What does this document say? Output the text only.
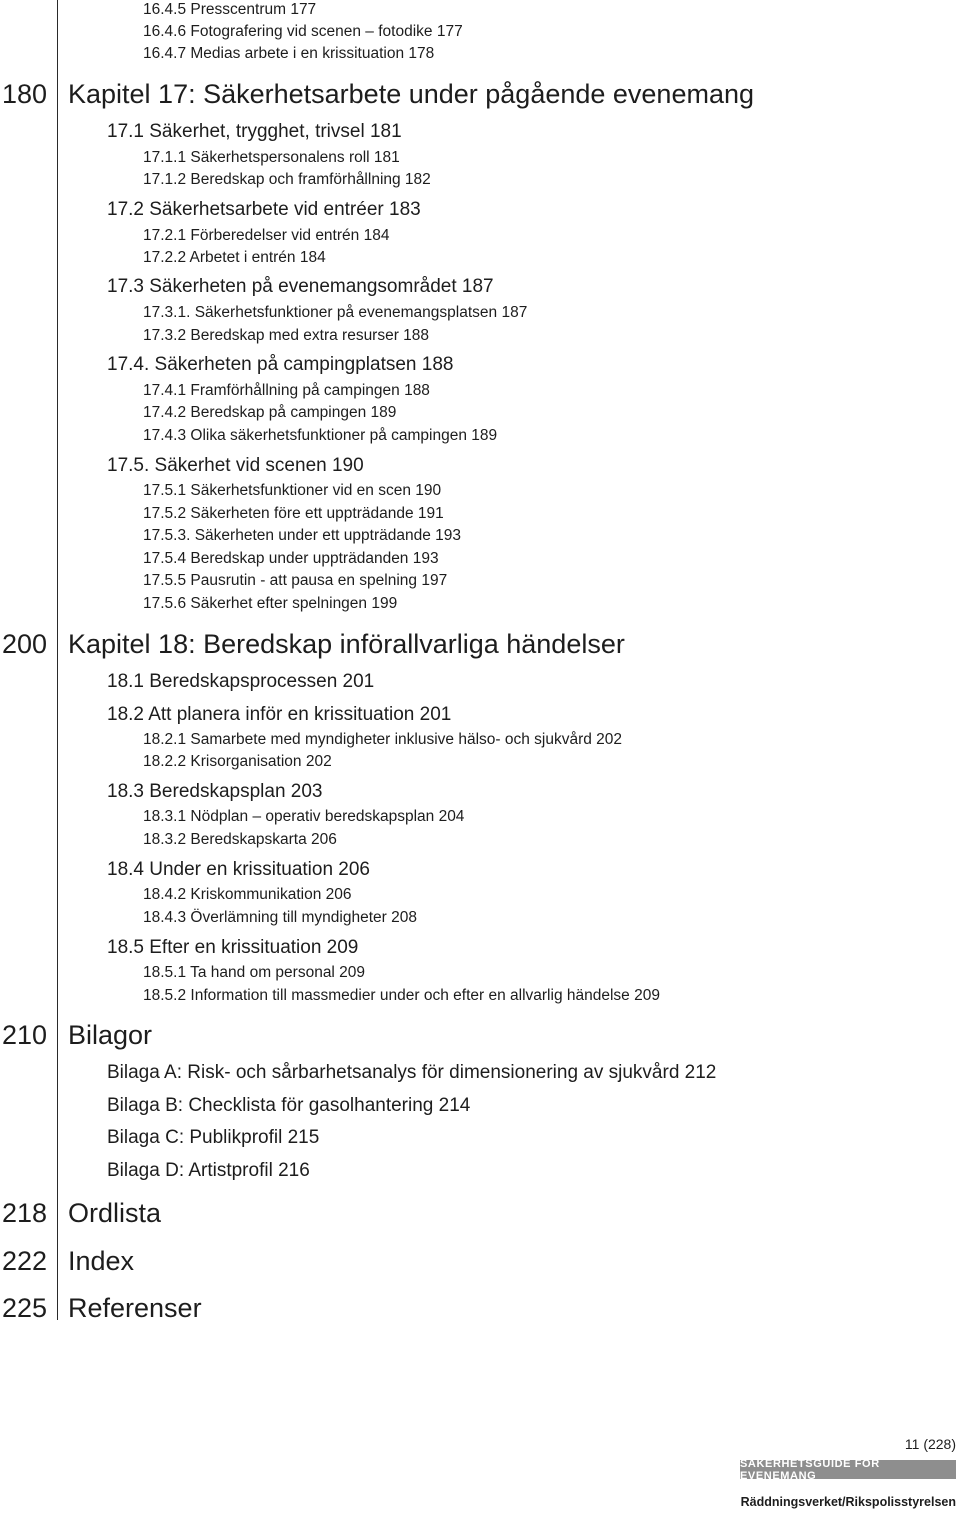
16.4.5 Presscentrum 177
16.4.6 Fotografering vid scenen – fotodike 177
16.4.7 Medias arbete i en krissituation 178
180 Kapitel 17: Säkerhetsarbete under pågående evenemang
17.1 Säkerhet, trygghet, trivsel 181
17.1.1 Säkerhetspersonalens roll 181
17.1.2 Beredskap och framförhållning 182
17.2 Säkerhetsarbete vid entréer 183
17.2.1 Förberedelser vid entrén 184
17.2.2 Arbetet i entrén 184
17.3 Säkerheten på evenemangsområdet 187
17.3.1. Säkerhetsfunktioner på evenemangsplatsen 187
17.3.2 Beredskap med extra resurser 188
17.4. Säkerheten på campingplatsen 188
17.4.1 Framförhållning på campingen 188
17.4.2 Beredskap på campingen 189
17.4.3 Olika säkerhetsfunktioner på campingen 189
17.5. Säkerhet vid scenen 190
17.5.1 Säkerhetsfunktioner vid en scen 190
17.5.2 Säkerheten före ett uppträdande 191
17.5.3. Säkerheten under ett uppträdande 193
17.5.4 Beredskap under uppträdanden 193
17.5.5 Pausrutin - att pausa en spelning 197
17.5.6 Säkerhet efter spelningen 199
200 Kapitel 18: Beredskap införallvarliga händelser
18.1 Beredskapsprocessen 201
18.2 Att planera inför en krissituation 201
18.2.1 Samarbete med myndigheter inklusive hälso- och sjukvård 202
18.2.2 Krisorganisation 202
18.3 Beredskapsplan 203
18.3.1 Nödplan – operativ beredskapsplan 204
18.3.2 Beredskapskarta 206
18.4 Under en krissituation 206
18.4.2 Kriskommunikation 206
18.4.3 Överlämning till myndigheter 208
18.5 Efter en krissituation 209
18.5.1 Ta hand om personal 209
18.5.2 Information till massmedier under och efter en allvarlig händelse 209
210 Bilagor
Bilaga A: Risk- och sårbarhetsanalys för dimensionering av sjukvård 212
Bilaga B: Checklista för gasolhantering 214
Bilaga C: Publikprofil 215
Bilaga D: Artistprofil 216
218 Ordlista
222 Index
225 Referenser
11 (228)
SÄKERHETSGUIDE FÖR EVENEMANG
Räddningsverket/Rikspolisstyrelsen
